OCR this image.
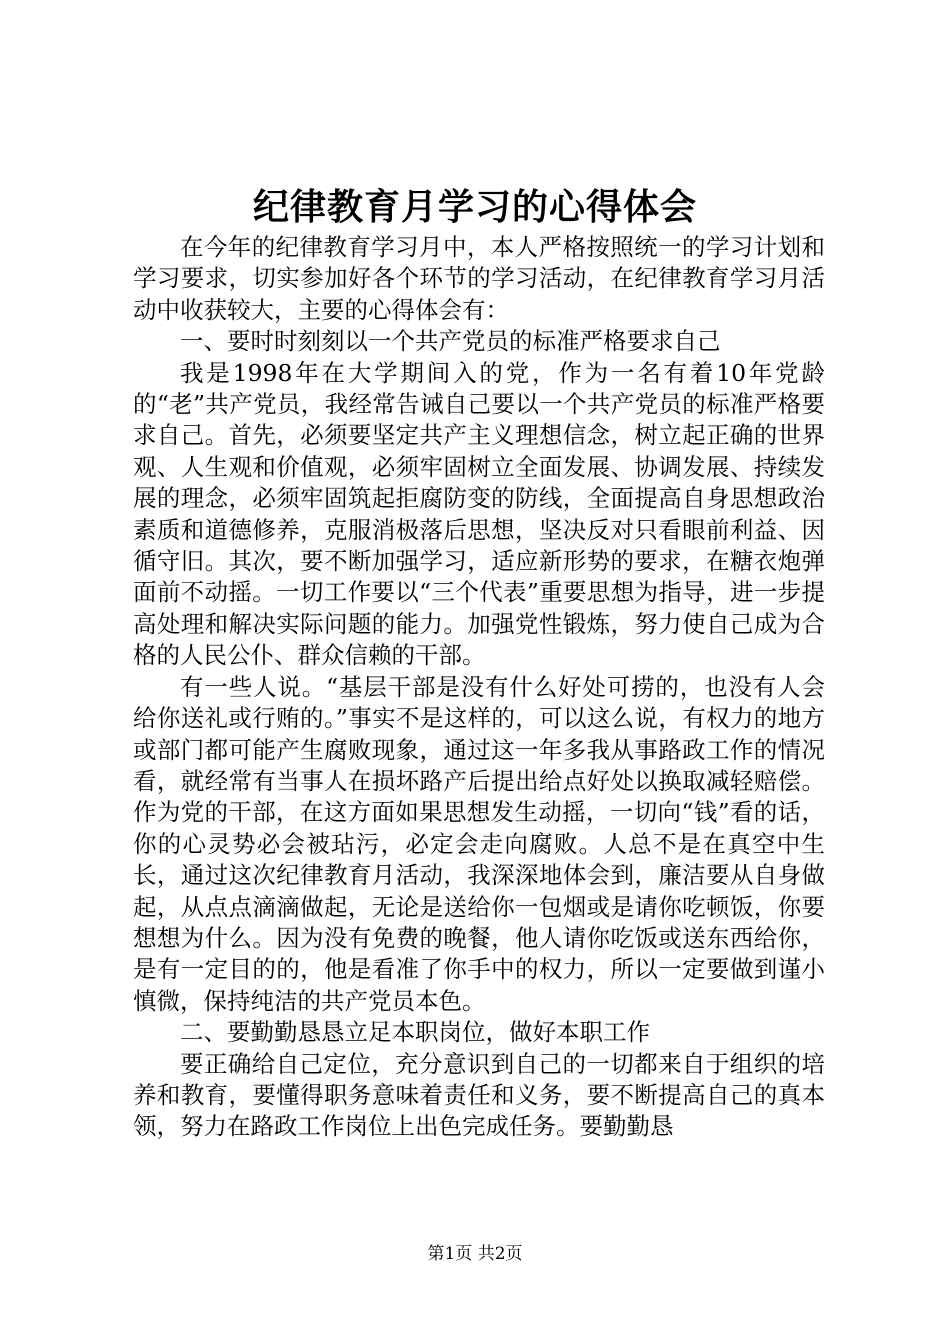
纪律教育月学习的心得体会

在今年的纪律教育学习月中，本人严格按照统一的学习计划和学习要求，切实参加好各个环节的学习活动，在纪律教育学习月活动中收获较大，主要的心得体会有：

一、要时时刻刻以一个共产党员的标准严格要求自己

我是1998年在大学期间入的党，作为一名有着10年党龄的“老”共产党员，我经常告诫自己要以一个共产党员的标准严格要求自己。首先，必须要坚定共产主义理想信念，树立起正确的世界观、人生观和价值观，必须牢固树立全面发展、协调发展、持续发展的理念，必须牢固筑起拒腐防变的防线，全面提高自身思想政治素质和道德修养，克服消极落后思想，坚决反对只看眼前利益、因循守旧。其次，要不断加强学习，适应新形势的要求，在糖衣炮弹面前不动摇。一切工作要以“三个代表”重要思想为指导，进一步提高处理和解决实际问题的能力。加强党性锻炼，努力使自己成为合格的人民公仆、群众信赖的干部。

有一些人说。“基层干部是没有什么好处可捞的，也没有人会给你送礼或行贿的。”事实不是这样的，可以这么说，有权力的地方或部门都可能产生腐败现象，通过这一年多我从事路政工作的情况看，就经常有当事人在损坏路产后提出给点好处以换取减轻赔偿。作为党的干部，在这方面如果思想发生动摇，一切向“钱”看的话，你的心灵势必会被玷污，必定会走向腐败。人总不是在真空中生长，通过这次纪律教育月活动，我深深地体会到，廉洁要从自身做起，从点点滴滴做起，无论是送给你一包烟或是请你吃顿饭，你要想想为什么。因为没有免费的晚餐，他人请你吃饭或送东西给你，是有一定目的的，他是看准了你手中的权力，所以一定要做到谨小慎微，保持纯洁的共产党员本色。

二、要勤勤恳恳立足本职岗位，做好本职工作

要正确给自己定位，充分意识到自己的一切都来自于组织的培养和教育，要懂得职务意味着责任和义务，要不断提高自己的真本领，努力在路政工作岗位上出色完成任务。要勤勤恳

第1页 共2页
